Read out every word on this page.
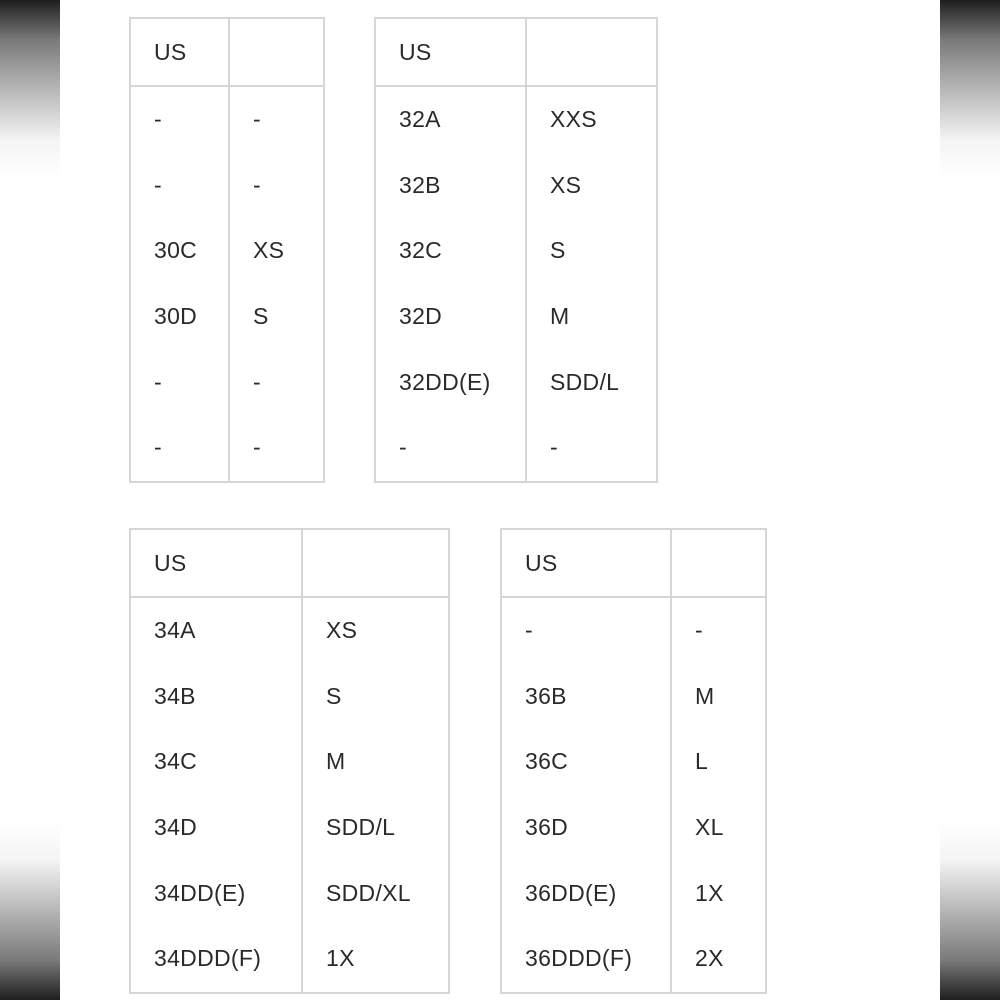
US	
-	-
-	-
30C	XS
30D	S
-	-
-	-
US	
32A	XXS
32B	XS
32C	S
32D	M
32DD(E)	SDD/L
-	-
US	
34A	XS
34B	S
34C	M
34D	SDD/L
34DD(E)	SDD/XL
34DDD(F)	1X
US	
-	-
36B	M
36C	L
36D	XL
36DD(E)	1X
36DDD(F)	2X
